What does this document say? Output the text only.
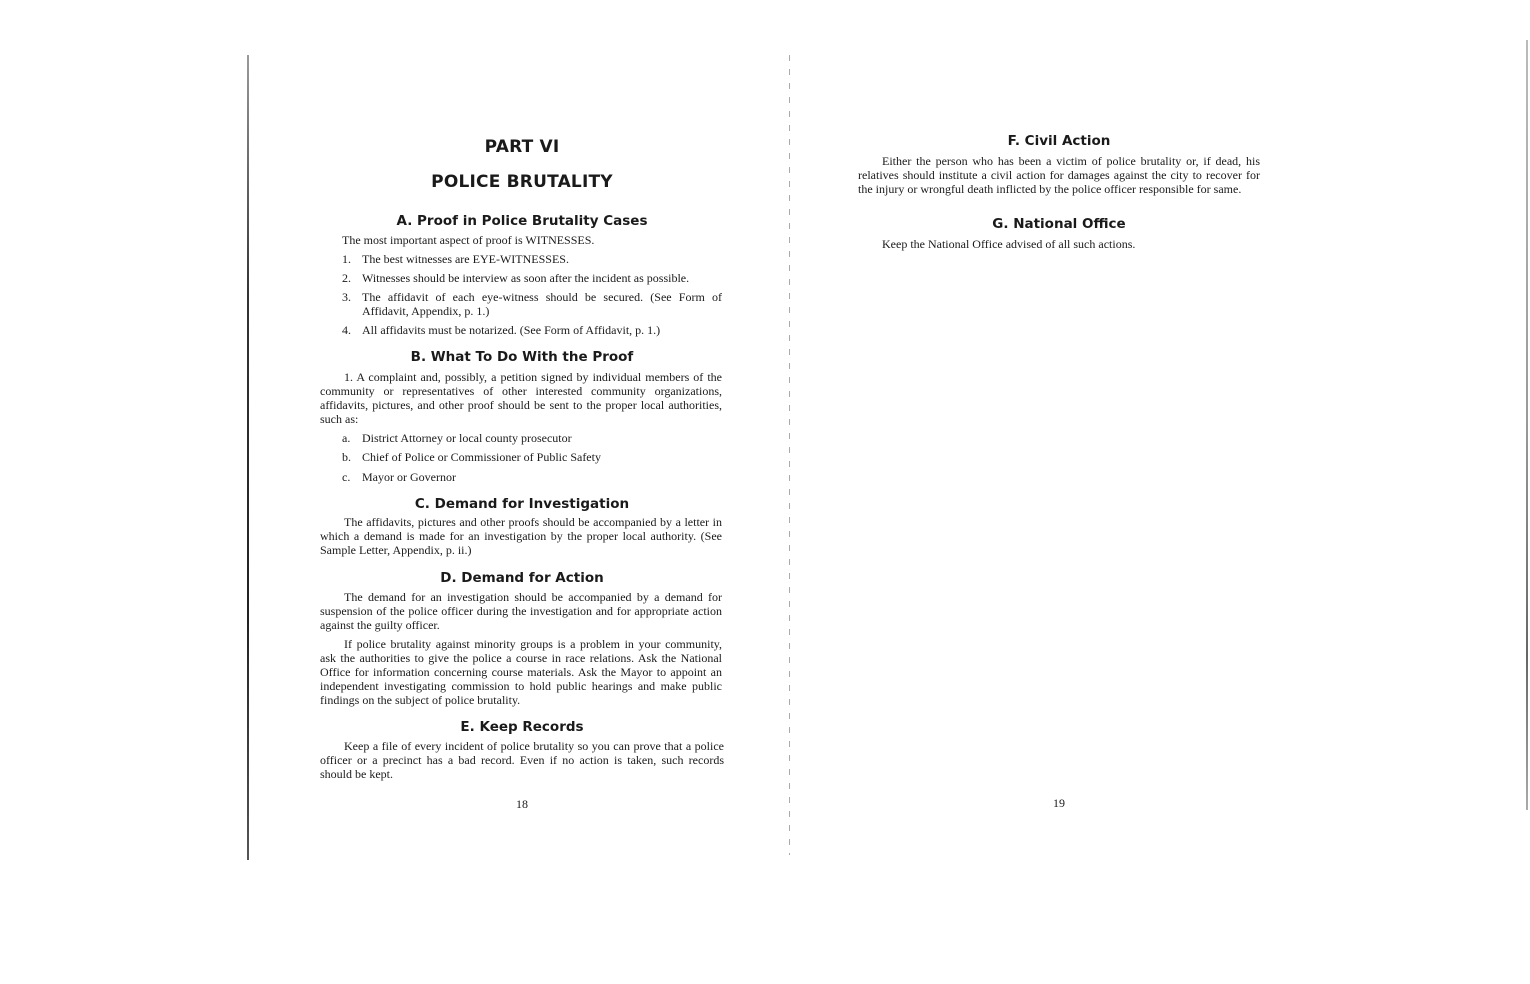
PART VI
POLICE BRUTALITY
A. Proof in Police Brutality Cases
The most important aspect of proof is WITNESSES.
1. The best witnesses are EYE-WITNESSES.
2. Witnesses should be interview as soon after the incident as possible.
3. The affidavit of each eye-witness should be secured. (See Form of Affidavit, Appendix, p. 1.)
4. All affidavits must be notarized. (See Form of Affidavit, p. 1.)
B. What To Do With the Proof
1. A complaint and, possibly, a petition signed by individual members of the community or representatives of other interested community organizations, affidavits, pictures, and other proof should be sent to the proper local authorities, such as:
a. District Attorney or local county prosecutor
b. Chief of Police or Commissioner of Public Safety
c. Mayor or Governor
C. Demand for Investigation
The affidavits, pictures and other proofs should be accompanied by a letter in which a demand is made for an investigation by the proper local authority. (See Sample Letter, Appendix, p. ii.)
D. Demand for Action
The demand for an investigation should be accompanied by a demand for suspension of the police officer during the investigation and for appropriate action against the guilty officer.
If police brutality against minority groups is a problem in your community, ask the authorities to give the police a course in race relations. Ask the National Office for information concerning course materials. Ask the Mayor to appoint an independent investigating commission to hold public hearings and make public findings on the subject of police brutality.
E. Keep Records
Keep a file of every incident of police brutality so you can prove that a police officer or a precinct has a bad record. Even if no action is taken, such records should be kept.
18
F. Civil Action
Either the person who has been a victim of police brutality or, if dead, his relatives should institute a civil action for damages against the city to recover for the injury or wrongful death inflicted by the police officer responsible for same.
G. National Office
Keep the National Office advised of all such actions.
19
